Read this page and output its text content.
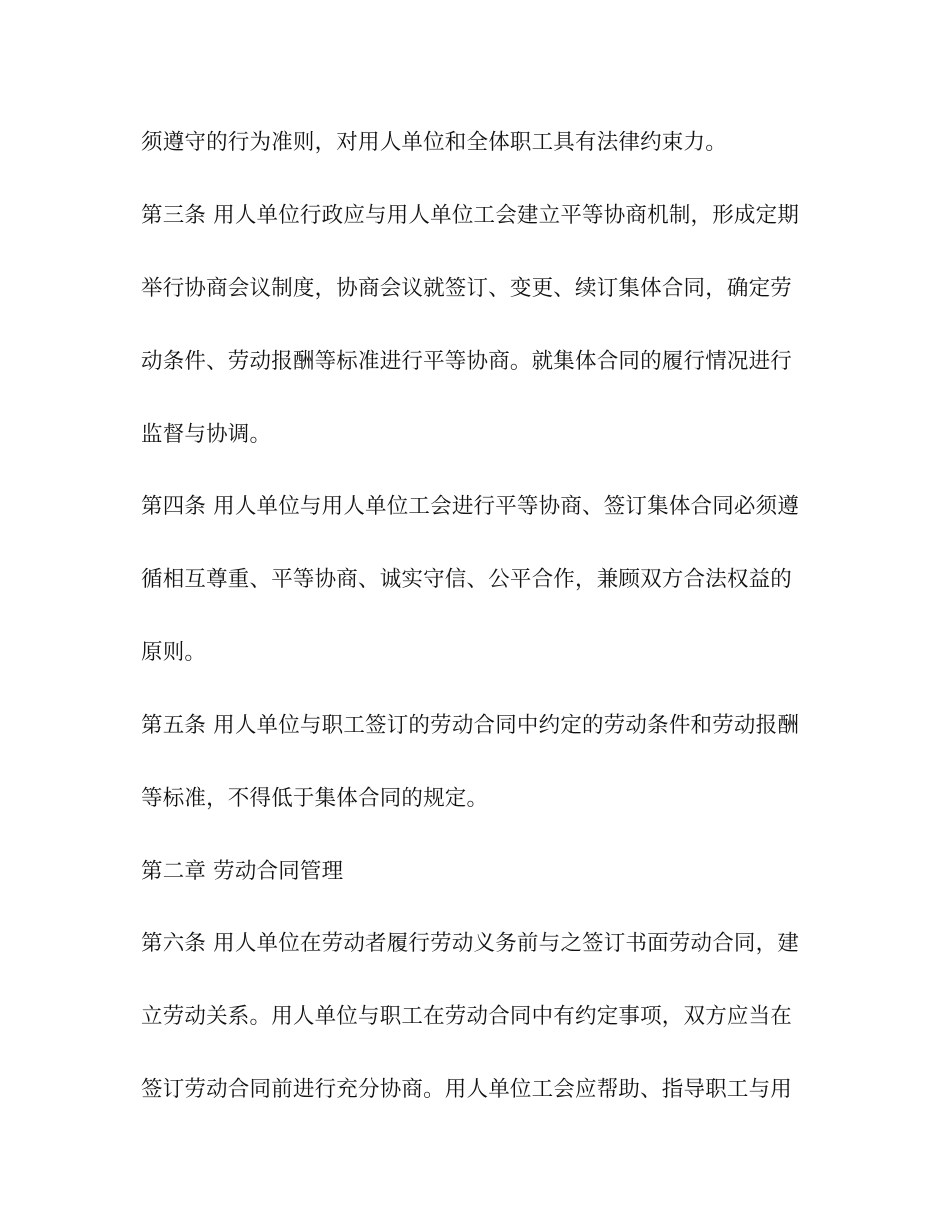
须遵守的行为准则，对用人单位和全体职工具有法律约束力。

第三条 用人单位行政应与用人单位工会建立平等协商机制，形成定期

举行协商会议制度，协商会议就签订、变更、续订集体合同，确定劳

动条件、劳动报酬等标准进行平等协商。就集体合同的履行情况进行

监督与协调。

第四条 用人单位与用人单位工会进行平等协商、签订集体合同必须遵

循相互尊重、平等协商、诚实守信、公平合作，兼顾双方合法权益的

原则。

第五条 用人单位与职工签订的劳动合同中约定的劳动条件和劳动报酬

等标准，不得低于集体合同的规定。

第二章 劳动合同管理

第六条 用人单位在劳动者履行劳动义务前与之签订书面劳动合同，建

立劳动关系。用人单位与职工在劳动合同中有约定事项，双方应当在

签订劳动合同前进行充分协商。用人单位工会应帮助、指导职工与用
